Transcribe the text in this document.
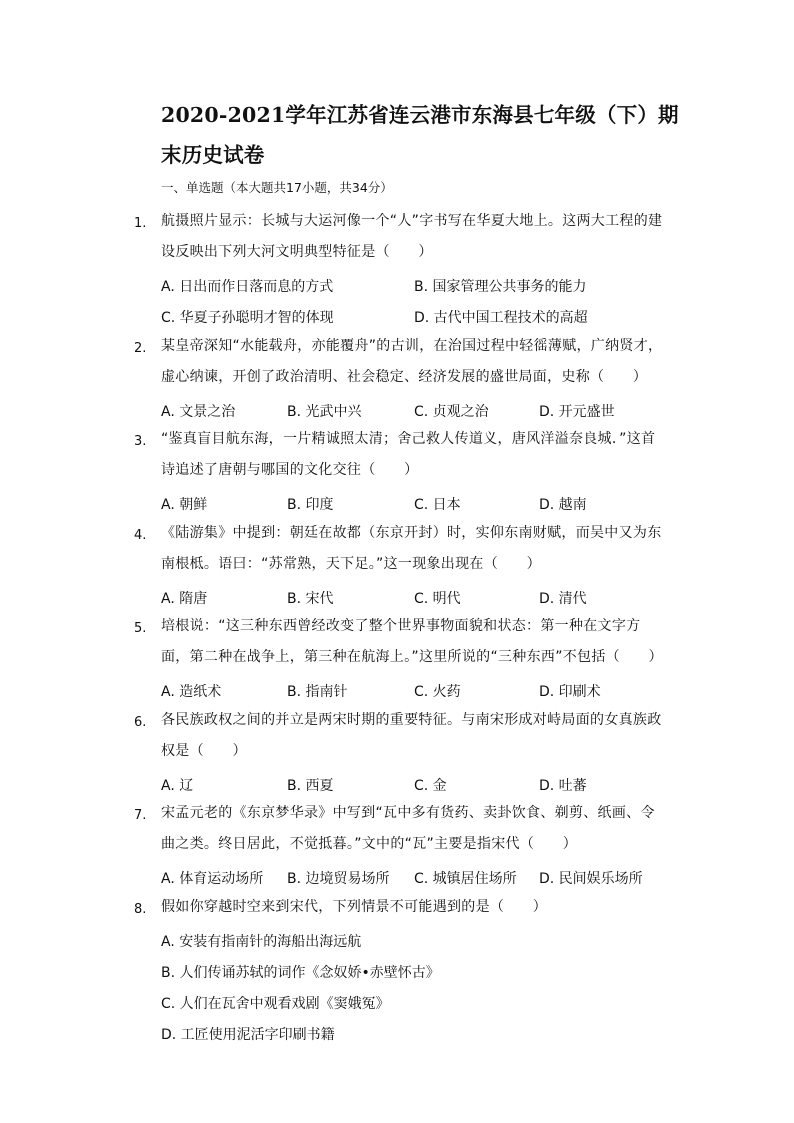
2020-2021学年江苏省连云港市东海县七年级（下）期末历史试卷
一、单选题（本大题共17小题，共34分）
1.	航摄照片显示：长城与大运河像一个“人”字书写在华夏大地上。这两大工程的建设反映出下列大河文明典型特征是（　　）
A. 日出而作日落而息的方式	B. 国家管理公共事务的能力
C. 华夏子孙聪明才智的体现	D. 古代中国工程技术的高超
2.	某皇帝深知“水能载舟，亦能覆舟”的古训，在治国过程中轻徭薄赋，广纳贤才，虚心纳谏，开创了政治清明、社会稳定、经济发展的盛世局面，史称（　　）
A. 文景之治	B. 光武中兴	C. 贞观之治	D. 开元盛世
3.	“鉴真盲目航东海，一片精诚照太清；舍己救人传道义，唐风洋溢奈良城．”这首诗追述了唐朝与哪国的文化交往（　　）
A. 朝鲜	B. 印度	C. 日本	D. 越南
4.	《陆游集》中提到：朝廷在故都（东京开封）时，实仰东南财赋，而吴中又为东南根柢。语曰：“苏常熟，天下足。”这一现象出现在（　　）
A. 隋唐	B. 宋代	C. 明代	D. 清代
5.	培根说：“这三种东西曾经改变了整个世界事物面貌和状态：第一种在文字方面，第二种在战争上，第三种在航海上。”这里所说的“三种东西”不包括（　　）
A. 造纸术	B. 指南针	C. 火药	D. 印刷术
6.	各民族政权之间的并立是两宋时期的重要特征。与南宋形成对峙局面的女真族政权是（　　）
A. 辽	B. 西夏	C. 金	D. 吐蕃
7.	宋孟元老的《东京梦华录》中写到“瓦中多有货药、卖卦饮食、剃剪、纸画、令曲之类。终日居此，不觉抵暮。”文中的“瓦”主要是指宋代（　　）
A. 体育运动场所 B. 边境贸易场所 C. 城镇居住场所 D. 民间娱乐场所
8.	假如你穿越时空来到宋代，下列情景不可能遇到的是（　　）
A. 安装有指南针的海船出海远航
B. 人们传诵苏轼的词作《念奴娇•赤壁怀古》
C. 人们在瓦舍中观看戏剧《窦娥冤》
D. 工匠使用泥活字印刷书籍
